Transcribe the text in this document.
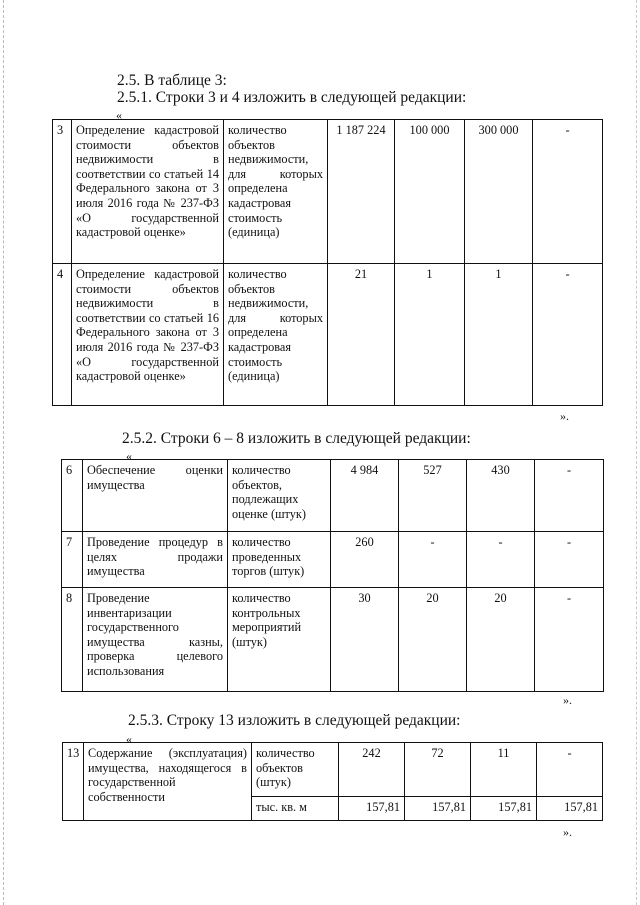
2.5. В таблице 3:
2.5.1. Строки 3 и 4 изложить в следующей редакции:
«
3	Определение кадастровой стоимости объектов недвижимости в соответствии со статьей 14 Федерального закона от 3 июля 2016 года № 237-ФЗ «О государственной кадастровой оценке»	количество объектов недвижимости, для которых определена кадастровая стоимость (единица)	1 187 224	100 000	300 000	-
4	Определение кадастровой стоимости объектов недвижимости в соответствии со статьей 16 Федерального закона от 3 июля 2016 года № 237-ФЗ «О государственной кадастровой оценке»	количество объектов недвижимости, для которых определена кадастровая стоимость (единица)	21	1	1	-
».
2.5.2. Строки 6 – 8 изложить в следующей редакции:
«
6	Обеспечение оценки имущества	количество объектов, подлежащих оценке (штук)	4 984	527	430	-
7	Проведение процедур в целях продажи имущества	количество проведенных торгов (штук)	260	-	-	-
8	Проведение инвентаризации государственного имущества казны, проверка целевого использования	количество контрольных мероприятий (штук)	30	20	20	-
».
2.5.3. Строку 13 изложить в следующей редакции:
«
13	Содержание (эксплуатация) имущества, находящегося в государственной собственности	количество объектов (штук)	242	72	11	-
		тыс. кв. м	157,81	157,81	157,81	157,81
».
